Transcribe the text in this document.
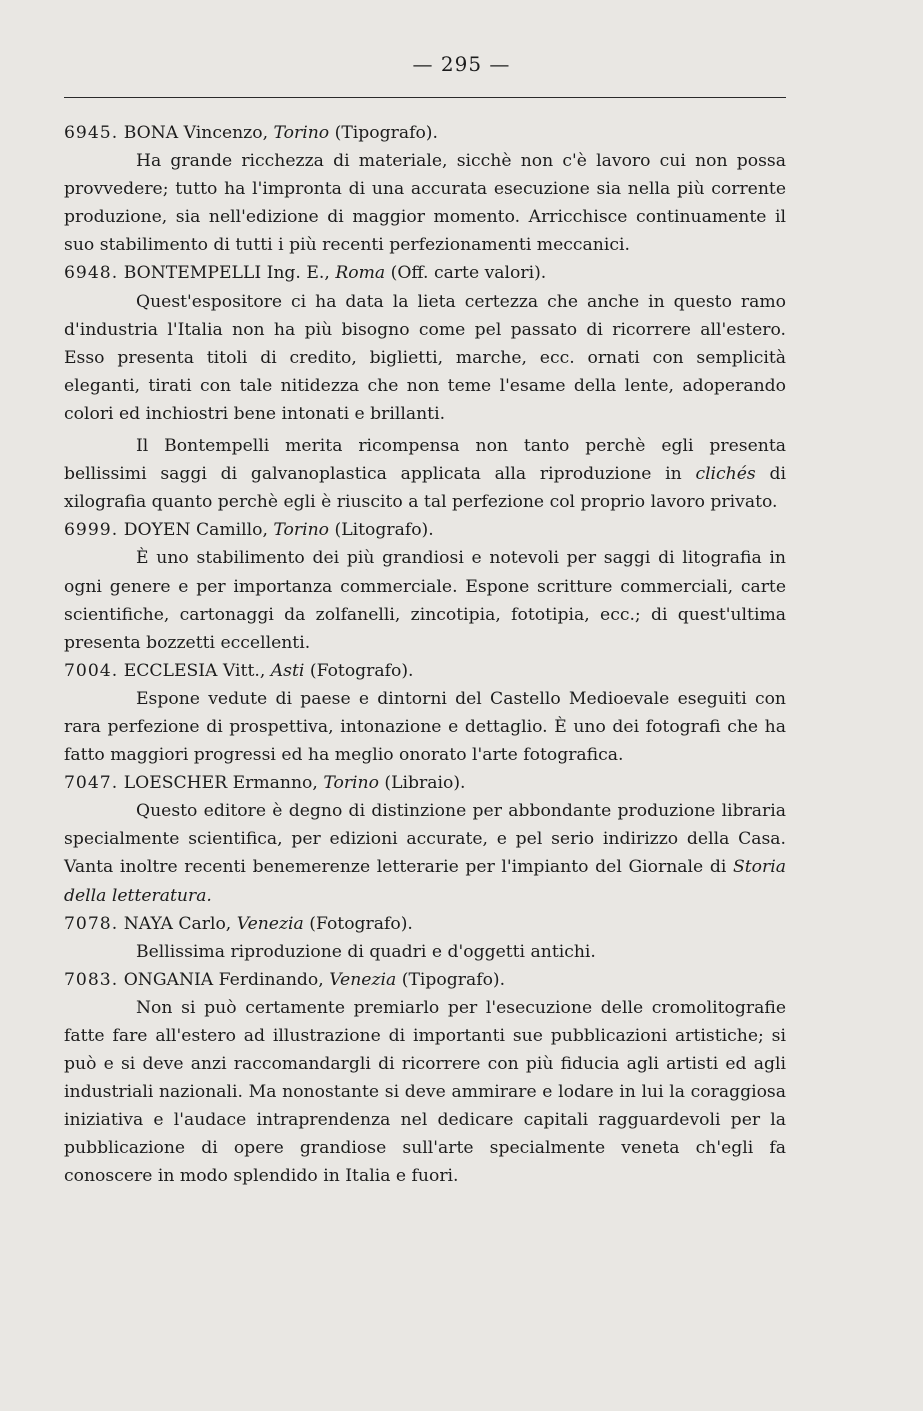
— 295 —

6945. BONA Vincenzo, Torino (Tipografo).

Ha grande ricchezza di materiale, sicchè non c'è lavoro cui non possa provvedere; tutto ha l'impronta di una accurata esecuzione sia nella più corrente produzione, sia nell'edizione di maggior momento. Arricchisce continuamente il suo stabilimento di tutti i più recenti perfezionamenti meccanici.

6948. BONTEMPELLI Ing. E., Roma (Off. carte valori).

Quest'espositore ci ha data la lieta certezza che anche in questo ramo d'industria l'Italia non ha più bisogno come pel passato di ricorrere all'estero. Esso presenta titoli di credito, biglietti, marche, ecc. ornati con semplicità eleganti, tirati con tale nitidezza che non teme l'esame della lente, adoperando colori ed inchiostri bene intonati e brillanti.

Il Bontempelli merita ricompensa non tanto perchè egli presenta bellissimi saggi di galvanoplastica applicata alla riproduzione in clichés di xilografia quanto perchè egli è riuscito a tal perfezione col proprio lavoro privato.

6999. DOYEN Camillo, Torino (Litografo).

È uno stabilimento dei più grandiosi e notevoli per saggi di litografia in ogni genere e per importanza commerciale. Espone scritture commerciali, carte scientifiche, cartonaggi da zolfanelli, zincotipia, fototipia, ecc.; di quest'ultima presenta bozzetti eccellenti.

7004. ECCLESIA Vitt., Asti (Fotografo).

Espone vedute di paese e dintorni del Castello Medioevale eseguiti con rara perfezione di prospettiva, intonazione e dettaglio. È uno dei fotografi che ha fatto maggiori progressi ed ha meglio onorato l'arte fotografica.

7047. LOESCHER Ermanno, Torino (Libraio).

Questo editore è degno di distinzione per abbondante produzione libraria specialmente scientifica, per edizioni accurate, e pel serio indirizzo della Casa. Vanta inoltre recenti benemerenze letterarie per l'impianto del Giornale di Storia della letteratura.

7078. NAYA Carlo, Venezia (Fotografo).

Bellissima riproduzione di quadri e d'oggetti antichi.

7083. ONGANIA Ferdinando, Venezia (Tipografo).

Non si può certamente premiarlo per l'esecuzione delle cromolitografie fatte fare all'estero ad illustrazione di importanti sue pubblicazioni artistiche; si può e si deve anzi raccomandargli di ricorrere con più fiducia agli artisti ed agli industriali nazionali. Ma nonostante si deve ammirare e lodare in lui la coraggiosa iniziativa e l'audace intraprendenza nel dedicare capitali ragguardevoli per la pubblicazione di opere grandiose sull'arte specialmente veneta ch'egli fa conoscere in modo splendido in Italia e fuori.
